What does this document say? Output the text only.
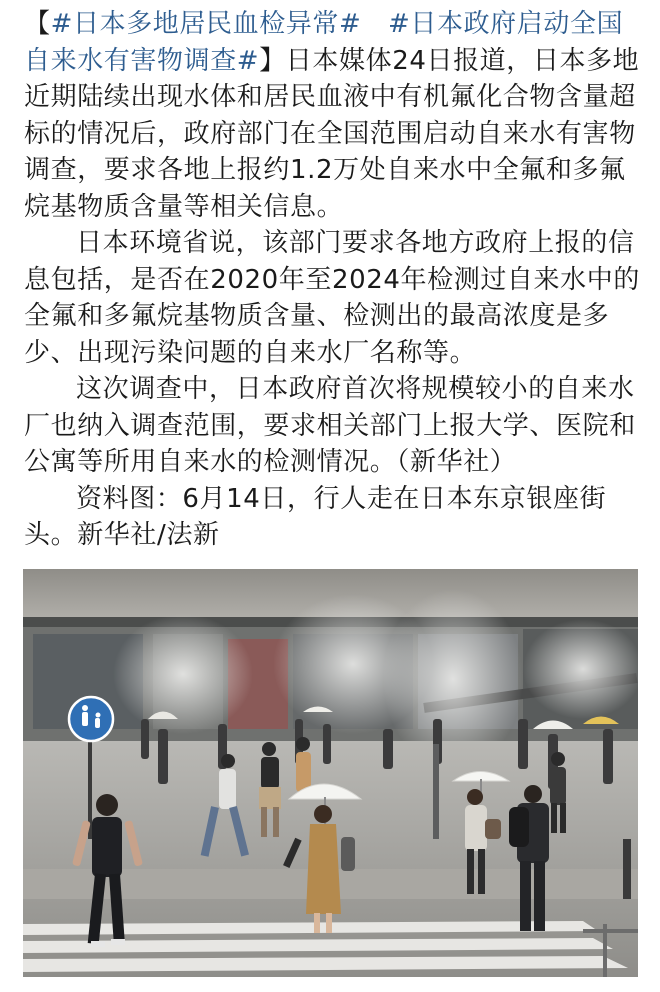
【#日本多地居民血检异常# #日本政府启动全国自来水有害物调查#】日本媒体24日报道，日本多地近期陆续出现水体和居民血液中有机氟化合物含量超标的情况后，政府部门在全国范围启动自来水有害物调查，要求各地上报约1.2万处自来水中全氟和多氟烷基物质含量等相关信息。

日本环境省说，该部门要求各地方政府上报的信息包括，是否在2020年至2024年检测过自来水中的全氟和多氟烷基物质含量、检测出的最高浓度是多少、出现污染问题的自来水厂名称等。

这次调查中，日本政府首次将规模较小的自来水厂也纳入调查范围，要求相关部门上报大学、医院和公寓等所用自来水的检测情况。（新华社）

资料图：6月14日，行人走在日本东京银座街头。新华社/法新
